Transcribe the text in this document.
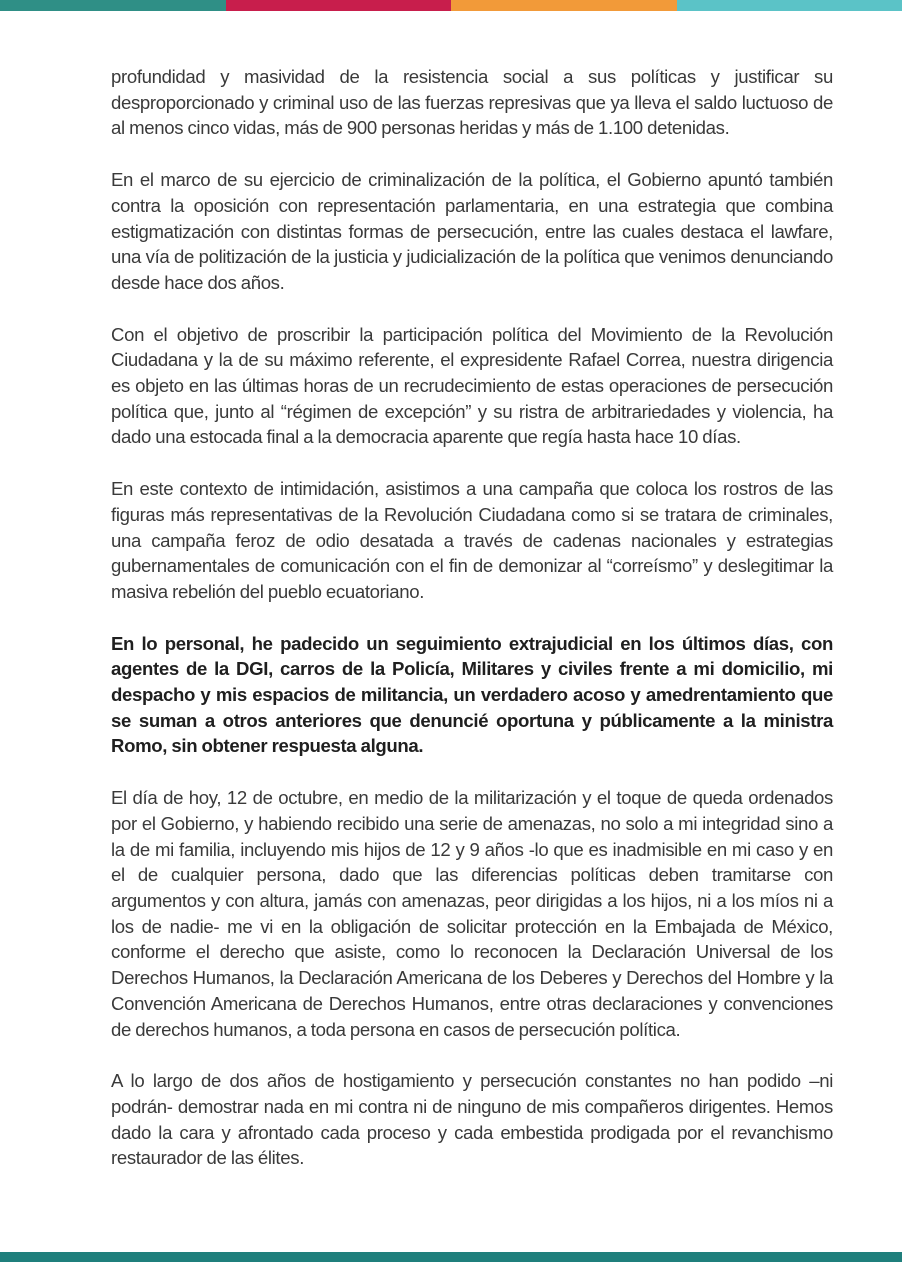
profundidad y masividad de la resistencia social a sus políticas y justificar su desproporcionado y criminal uso de las fuerzas represivas que ya lleva el saldo luctuoso de al menos cinco vidas, más de 900 personas heridas y más de 1.100 detenidas.

En el marco de su ejercicio de criminalización de la política, el Gobierno apuntó también contra la oposición con representación parlamentaria, en una estrategia que combina estigmatización con distintas formas de persecución, entre las cuales destaca el lawfare, una vía de politización de la justicia y judicialización de la política que venimos denunciando desde hace dos años.

Con el objetivo de proscribir la participación política del Movimiento de la Revolución Ciudadana y la de su máximo referente, el expresidente Rafael Correa, nuestra dirigencia es objeto en las últimas horas de un recrudecimiento de estas operaciones de persecución política que, junto al “régimen de excepción” y su ristra de arbitrariedades y violencia, ha dado una estocada final a la democracia aparente que regía hasta hace 10 días.

En este contexto de intimidación, asistimos a una campaña que coloca los rostros de las figuras más representativas de la Revolución Ciudadana como si se tratara de criminales, una campaña feroz de odio desatada a través de cadenas nacionales y estrategias gubernamentales de comunicación con el fin de demonizar al “correísmo” y deslegitimar la masiva rebelión del pueblo ecuatoriano.

En lo personal, he padecido un seguimiento extrajudicial en los últimos días, con agentes de la DGI, carros de la Policía, Militares y civiles frente a mi domicilio, mi despacho y mis espacios de militancia, un verdadero acoso y amedrentamiento que se suman a otros anteriores que denuncié oportuna y públicamente a la ministra Romo, sin obtener respuesta alguna.

El día de hoy, 12 de octubre, en medio de la militarización y el toque de queda ordenados por el Gobierno, y habiendo recibido una serie de amenazas, no solo a mi integridad sino a la de mi familia, incluyendo mis hijos de 12 y 9 años -lo que es inadmisible en mi caso y en el de cualquier persona, dado que las diferencias políticas deben tramitarse con argumentos y con altura, jamás con amenazas, peor dirigidas a los hijos, ni a los míos ni a los de nadie- me vi en la obligación de solicitar protección en la Embajada de México, conforme el derecho que asiste, como lo reconocen la Declaración Universal de los Derechos Humanos, la Declaración Americana de los Deberes y Derechos del Hombre y la Convención Americana de Derechos Humanos, entre otras declaraciones y convenciones de derechos humanos, a toda persona en casos de persecución política.

A lo largo de dos años de hostigamiento y persecución constantes no han podido –ni podrán- demostrar nada en mi contra ni de ninguno de mis compañeros dirigentes. Hemos dado la cara y afrontado cada proceso y cada embestida prodigada por el revanchismo restaurador de las élites.
